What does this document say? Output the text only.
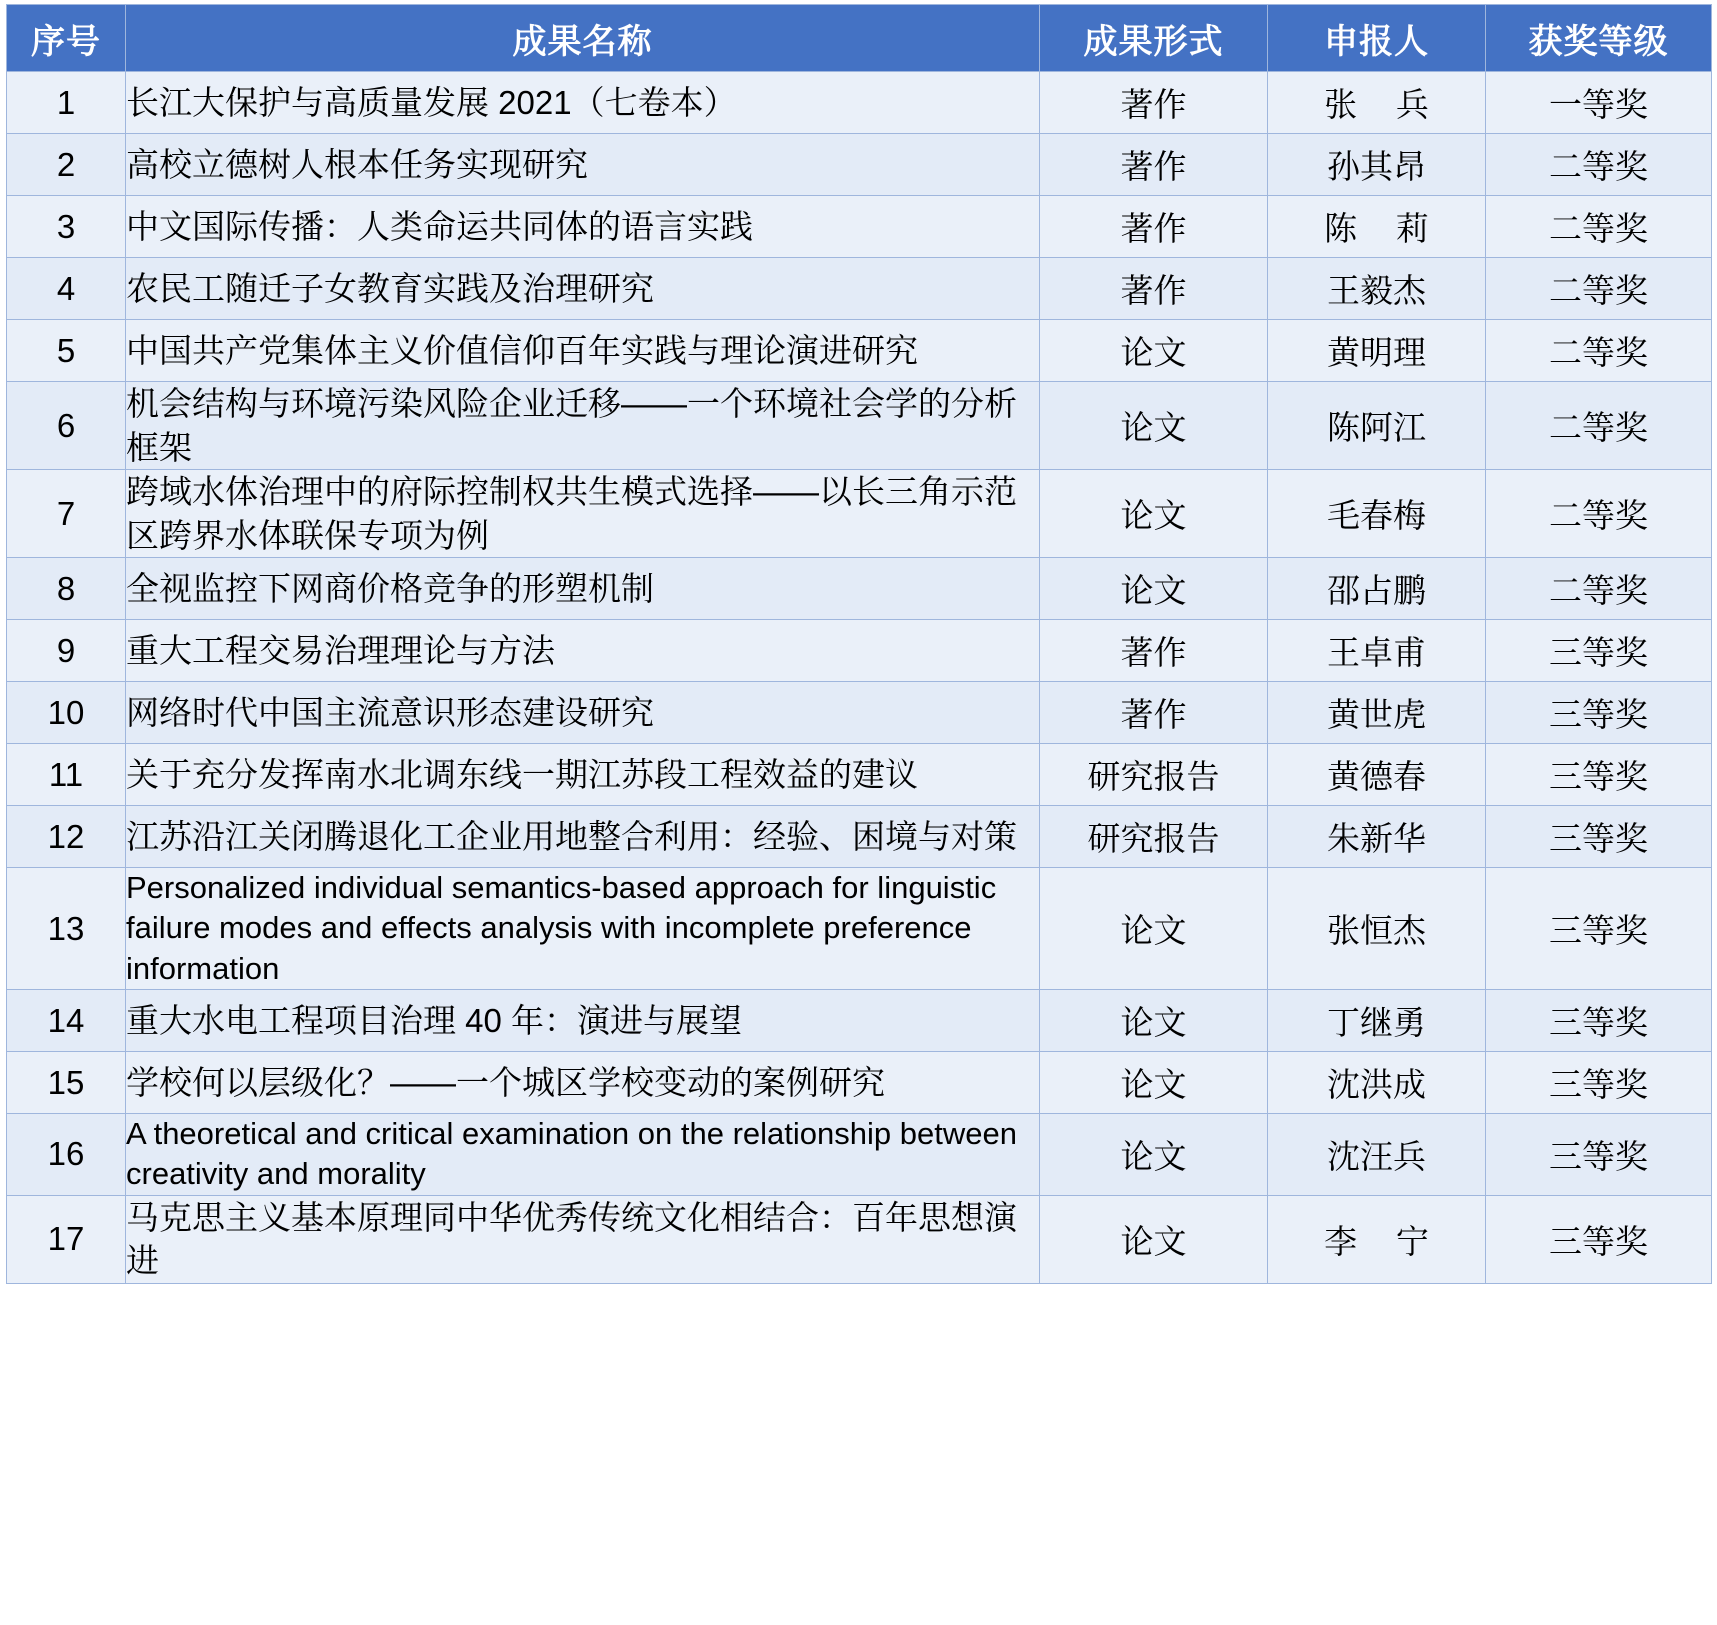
序号	成果名称	成果形式	申报人	获奖等级
1	长江大保护与高质量发展 2021（七卷本）	著作	张 兵	一等奖
2	高校立德树人根本任务实现研究	著作	孙其昂	二等奖
3	中文国际传播：人类命运共同体的语言实践	著作	陈 莉	二等奖
4	农民工随迁子女教育实践及治理研究	著作	王毅杰	二等奖
5	中国共产党集体主义价值信仰百年实践与理论演进研究	论文	黄明理	二等奖
6	机会结构与环境污染风险企业迁移——一个环境社会学的分析框架	论文	陈阿江	二等奖
7	跨域水体治理中的府际控制权共生模式选择——以长三角示范区跨界水体联保专项为例	论文	毛春梅	二等奖
8	全视监控下网商价格竞争的形塑机制	论文	邵占鹏	二等奖
9	重大工程交易治理理论与方法	著作	王卓甫	三等奖
10	网络时代中国主流意识形态建设研究	著作	黄世虎	三等奖
11	关于充分发挥南水北调东线一期江苏段工程效益的建议	研究报告	黄德春	三等奖
12	江苏沿江关闭腾退化工企业用地整合利用：经验、困境与对策	研究报告	朱新华	三等奖
13	Personalized individual semantics-based approach for linguistic failure modes and effects analysis with incomplete preference information	论文	张恒杰	三等奖
14	重大水电工程项目治理 40 年：演进与展望	论文	丁继勇	三等奖
15	学校何以层级化？——一个城区学校变动的案例研究	论文	沈洪成	三等奖
16	A theoretical and critical examination on the relationship between creativity and morality	论文	沈汪兵	三等奖
17	马克思主义基本原理同中华优秀传统文化相结合：百年思想演进	论文	李 宁	三等奖
